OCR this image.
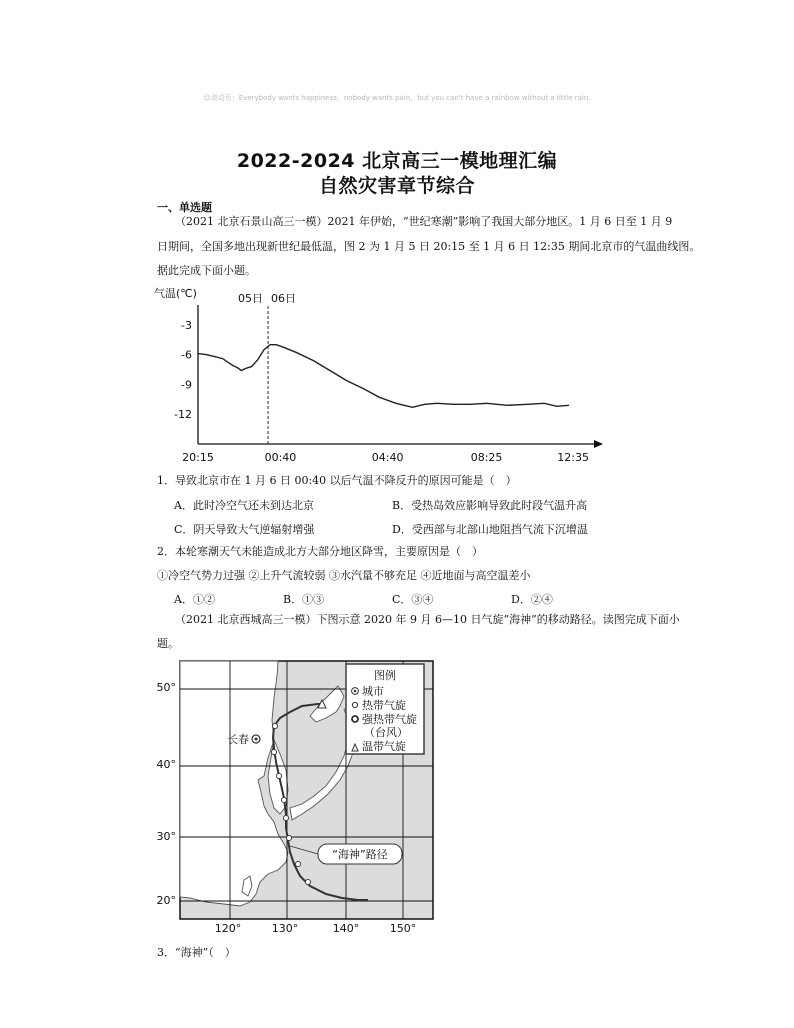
☺滚动页：Everybody wants happiness，nobody wants pain，but you can't have a rainbow without a little rain.
2022-2024 北京高三一模地理汇编
自然灾害章节综合
一、单选题
（2021 北京石景山高三一模）2021 年伊始，“世纪寒潮”影响了我国大部分地区。1 月 6 日至 1 月 9
日期间，全国多地出现新世纪最低温，图 2 为 1 月 5 日 20:15 至 1 月 6 日 12:35 期间北京市的气温曲线图。
据此完成下面小题。
气温(℃)	05日 06日
-3
-6
-9
-12
20:15	00:40	04:40	08:25	12:35
1．导致北京市在 1 月 6 日 00:40 以后气温不降反升的原因可能是（　）
A．此时冷空气还未到达北京	B．受热岛效应影响导致此时段气温升高
C．阴天导致大气逆辐射增强	D．受西部与北部山地阻挡气流下沉增温
2．本轮寒潮天气未能造成北方大部分地区降雪，主要原因是（　）
①冷空气势力过强 ②上升气流较弱 ③水汽量不够充足 ④近地面与高空温差小
A．①②	B．①③	C．③④	D．②④
（2021 北京西城高三一模）下图示意 2020 年 9 月 6—10 日气旋“海神”的移动路径。读图完成下面小
题。
长春
“海神”路径
图例
城市
热带气旋
强热带气旋
（台风）
温带气旋
50°
40°
30°
20°
120°	130°	140°	150°
3．“海神”（　）
